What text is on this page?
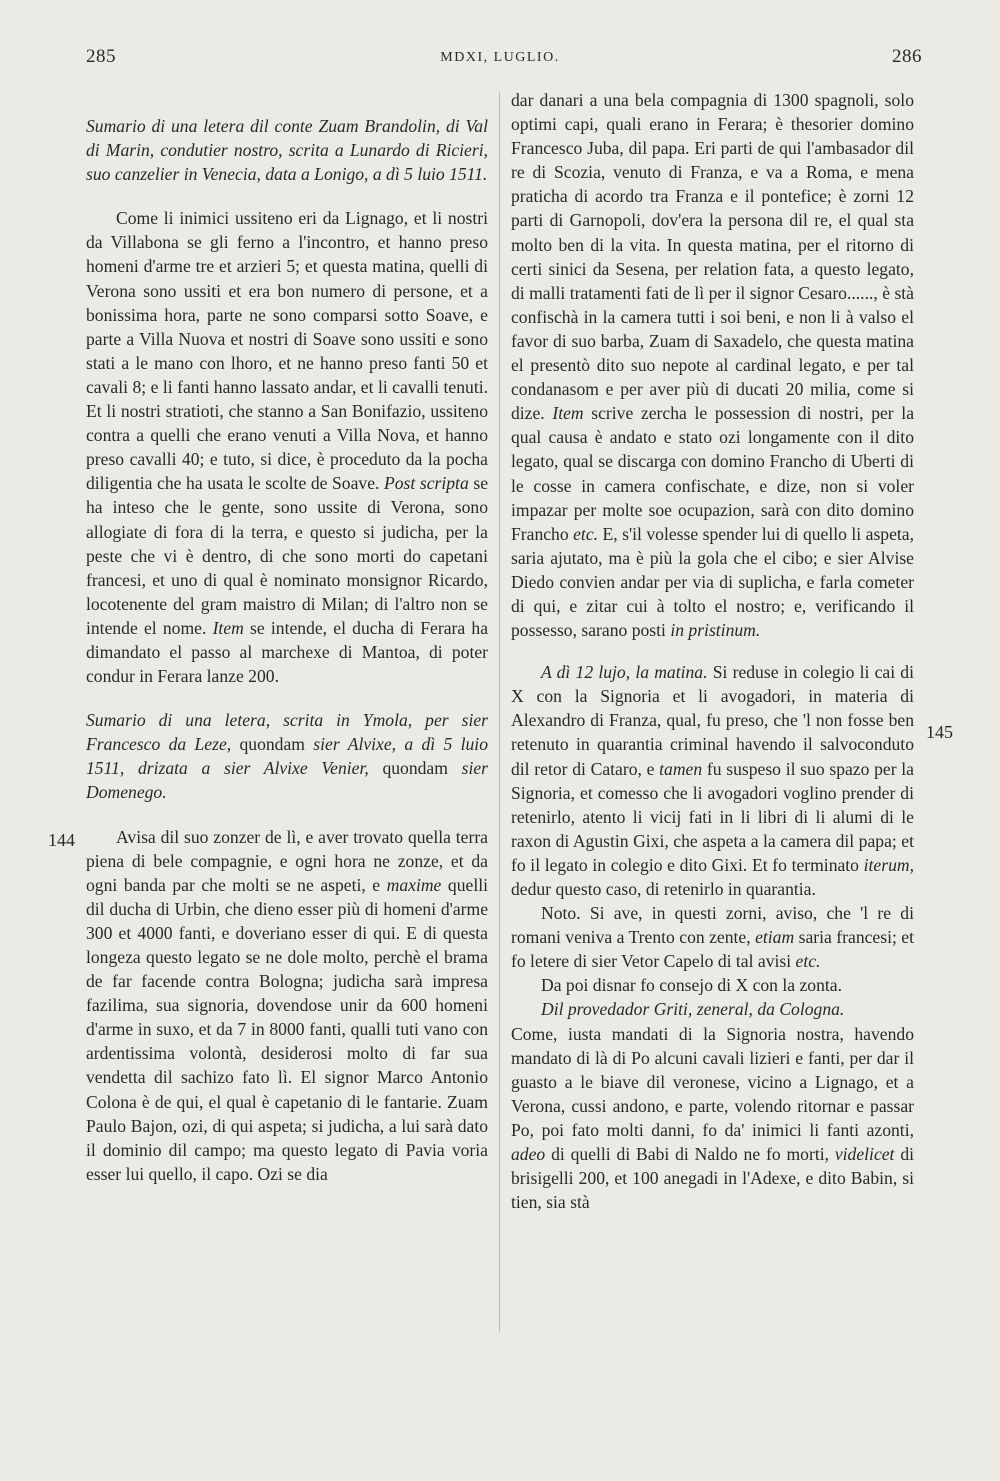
285	MDXI, LUGLIO.	286
144
145

Sumario di una letera dil conte Zuam Brandolin, di Val di Marin, condutier nostro, scrita a Lunardo di Ricieri, suo canzelier in Venecia, data a Lonigo, a dì 5 luio 1511.

Come li inimici ussiteno eri da Lignago, et li nostri da Villabona se gli ferno a l'incontro, et hanno preso homeni d'arme tre et arzieri 5; et questa matina, quelli di Verona sono ussiti et era bon numero di persone, et a bonissima hora, parte ne sono comparsi sotto Soave, e parte a Villa Nuova et nostri di Soave sono ussiti e sono stati a le mano con lhoro, et ne hanno preso fanti 50 et cavali 8; e li fanti hanno lassato andar, et li cavalli tenuti. Et li nostri stratioti, che stanno a San Bonifazio, ussiteno contra a quelli che erano venuti a Villa Nova, et hanno preso cavalli 40; e tuto, si dice, è proceduto da la pocha diligentia che ha usata le scolte de Soave. Post scripta se ha inteso che le gente, sono ussite di Verona, sono allogiate di fora di la terra, e questo si judicha, per la peste che vi è dentro, di che sono morti do capetani francesi, et uno di qual è nominato monsignor Ricardo, locotenente del gram maistro di Milan; di l'altro non se intende el nome. Item se intende, el ducha di Ferara ha dimandato el passo al marchexe di Mantoa, di poter condur in Ferara lanze 200.

Sumario di una letera, scrita in Ymola, per sier Francesco da Leze, quondam sier Alvixe, a dì 5 luio 1511, drizata a sier Alvixe Venier, quondam sier Domenego.

Avisa dil suo zonzer de lì, e aver trovato quella terra piena di bele compagnie, e ogni hora ne zonze, et da ogni banda par che molti se ne aspeti, e maxime quelli dil ducha di Urbin, che dieno esser più di homeni d'arme 300 et 4000 fanti, e doveriano esser di qui. E di questa longeza questo legato se ne dole molto, perchè el brama de far facende contra Bologna; judicha sarà impresa fazilima, sua signoria, dovendose unir da 600 homeni d'arme in suxo, et da 7 in 8000 fanti, qualli tuti vano con ardentissima volontà, desiderosi molto di far sua vendetta dil sachizo fato lì. El signor Marco Antonio Colona è de qui, el qual è capetanio di le fantarie. Zuam Paulo Bajon, ozi, di qui aspeta; si judicha, a lui sarà dato il dominio dil campo; ma questo legato di Pavia voria esser lui quello, il capo. Ozi se dia

dar danari a una bela compagnia di 1300 spagnoli, solo optimi capi, quali erano in Ferara; è thesorier domino Francesco Juba, dil papa. Eri parti de qui l'ambasador dil re di Scozia, venuto di Franza, e va a Roma, e mena praticha di acordo tra Franza e il pontefice; è zorni 12 parti di Garnopoli, dov'era la persona dil re, el qual sta molto ben di la vita. In questa matina, per el ritorno di certi sinici da Sesena, per relation fata, a questo legato, di malli tratamenti fati de lì per il signor Cesaro......, è stà confischà in la camera tutti i soi beni, e non li à valso el favor di suo barba, Zuam di Saxadelo, che questa matina el presentò dito suo nepote al cardinal legato, e per tal condanasom e per aver più di ducati 20 milia, come si dize. Item scrive zercha le possession di nostri, per la qual causa è andato e stato ozi longamente con il dito legato, qual se discarga con domino Francho di Uberti di le cosse in camera confischate, e dize, non si voler impazar per molte soe ocupazion, sarà con dito domino Francho etc. E, s'il volesse spender lui di quello li aspeta, saria ajutato, ma è più la gola che el cibo; e sier Alvise Diedo convien andar per via di suplicha, e farla cometer di qui, e zitar cui à tolto el nostro; e, verificando il possesso, sarano posti in pristinum.

A dì 12 lujo, la matina. Si reduse in colegio li cai di X con la Signoria et li avogadori, in materia di Alexandro di Franza, qual, fu preso, che 'l non fosse ben retenuto in quarantia criminal havendo il salvoconduto dil retor di Cataro, e tamen fu suspeso il suo spazo per la Signoria, et comesso che li avogadori voglino prender di retenirlo, atento li vicij fati in li libri di li alumi di le raxon di Agustin Gixi, che aspeta a la camera dil papa; et fo il legato in colegio e dito Gixi. Et fo terminato iterum, dedur questo caso, di retenirlo in quarantia.

Noto. Si ave, in questi zorni, aviso, che 'l re di romani veniva a Trento con zente, etiam saria francesi; et fo letere di sier Vetor Capelo di tal avisi etc.

Da poi disnar fo consejo di X con la zonta.

Dil provedador Griti, zeneral, da Cologna.

Come, iusta mandati di la Signoria nostra, havendo mandato di là di Po alcuni cavali lizieri e fanti, per dar il guasto a le biave dil veronese, vicino a Lignago, et a Verona, cussi andono, e parte, volendo ritornar e passar Po, poi fato molti danni, fo da' inimici li fanti azonti, adeo di quelli di Babi di Naldo ne fo morti, videlicet di brisigelli 200, et 100 anegadi in l'Adexe, e dito Babin, si tien, sia stà
